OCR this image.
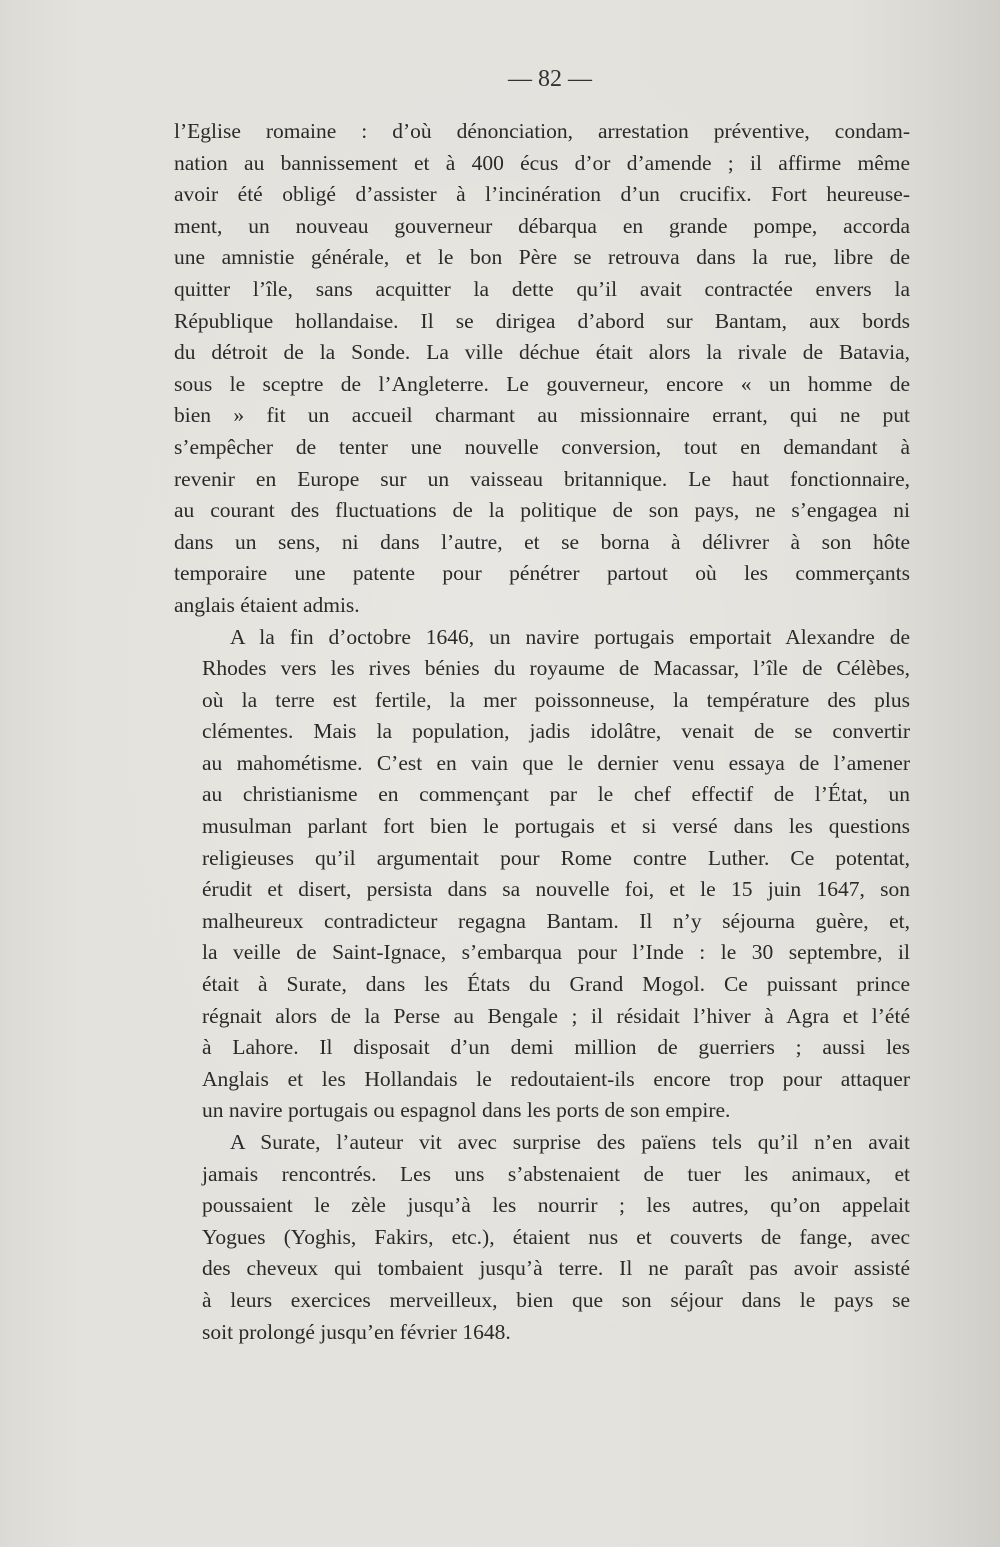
— 82 —

l’Eglise romaine : d’où dénonciation, arrestation préventive, condam-
nation au bannissement et à 400 écus d’or d’amende ; il affirme même
avoir été obligé d’assister à l’incinération d’un crucifix. Fort heureuse-
ment, un nouveau gouverneur débarqua en grande pompe, accorda
une amnistie générale, et le bon Père se retrouva dans la rue, libre de
quitter l’île, sans acquitter la dette qu’il avait contractée envers la
République hollandaise. Il se dirigea d’abord sur Bantam, aux bords
du détroit de la Sonde. La ville déchue était alors la rivale de Batavia,
sous le sceptre de l’Angleterre. Le gouverneur, encore « un homme de
bien » fit un accueil charmant au missionnaire errant, qui ne put
s’empêcher de tenter une nouvelle conversion, tout en demandant à
revenir en Europe sur un vaisseau britannique. Le haut fonctionnaire,
au courant des fluctuations de la politique de son pays, ne s’engagea ni
dans un sens, ni dans l’autre, et se borna à délivrer à son hôte
temporaire une patente pour pénétrer partout où les commerçants
anglais étaient admis.

A la fin d’octobre 1646, un navire portugais emportait Alexandre de
Rhodes vers les rives bénies du royaume de Macassar, l’île de Célèbes,
où la terre est fertile, la mer poissonneuse, la température des plus
clémentes. Mais la population, jadis idolâtre, venait de se convertir
au mahométisme. C’est en vain que le dernier venu essaya de l’amener
au christianisme en commençant par le chef effectif de l’État, un
musulman parlant fort bien le portugais et si versé dans les questions
religieuses qu’il argumentait pour Rome contre Luther. Ce potentat,
érudit et disert, persista dans sa nouvelle foi, et le 15 juin 1647, son
malheureux contradicteur regagna Bantam. Il n’y séjourna guère, et,
la veille de Saint-Ignace, s’embarqua pour l’Inde : le 30 septembre, il
était à Surate, dans les États du Grand Mogol. Ce puissant prince
régnait alors de la Perse au Bengale ; il résidait l’hiver à Agra et l’été
à Lahore. Il disposait d’un demi million de guerriers ; aussi les
Anglais et les Hollandais le redoutaient-ils encore trop pour attaquer
un navire portugais ou espagnol dans les ports de son empire.

A Surate, l’auteur vit avec surprise des païens tels qu’il n’en avait
jamais rencontrés. Les uns s’abstenaient de tuer les animaux, et
poussaient le zèle jusqu’à les nourrir ; les autres, qu’on appelait
Yogues (Yoghis, Fakirs, etc.), étaient nus et couverts de fange, avec
des cheveux qui tombaient jusqu’à terre. Il ne paraît pas avoir assisté
à leurs exercices merveilleux, bien que son séjour dans le pays se
soit prolongé jusqu’en février 1648.
